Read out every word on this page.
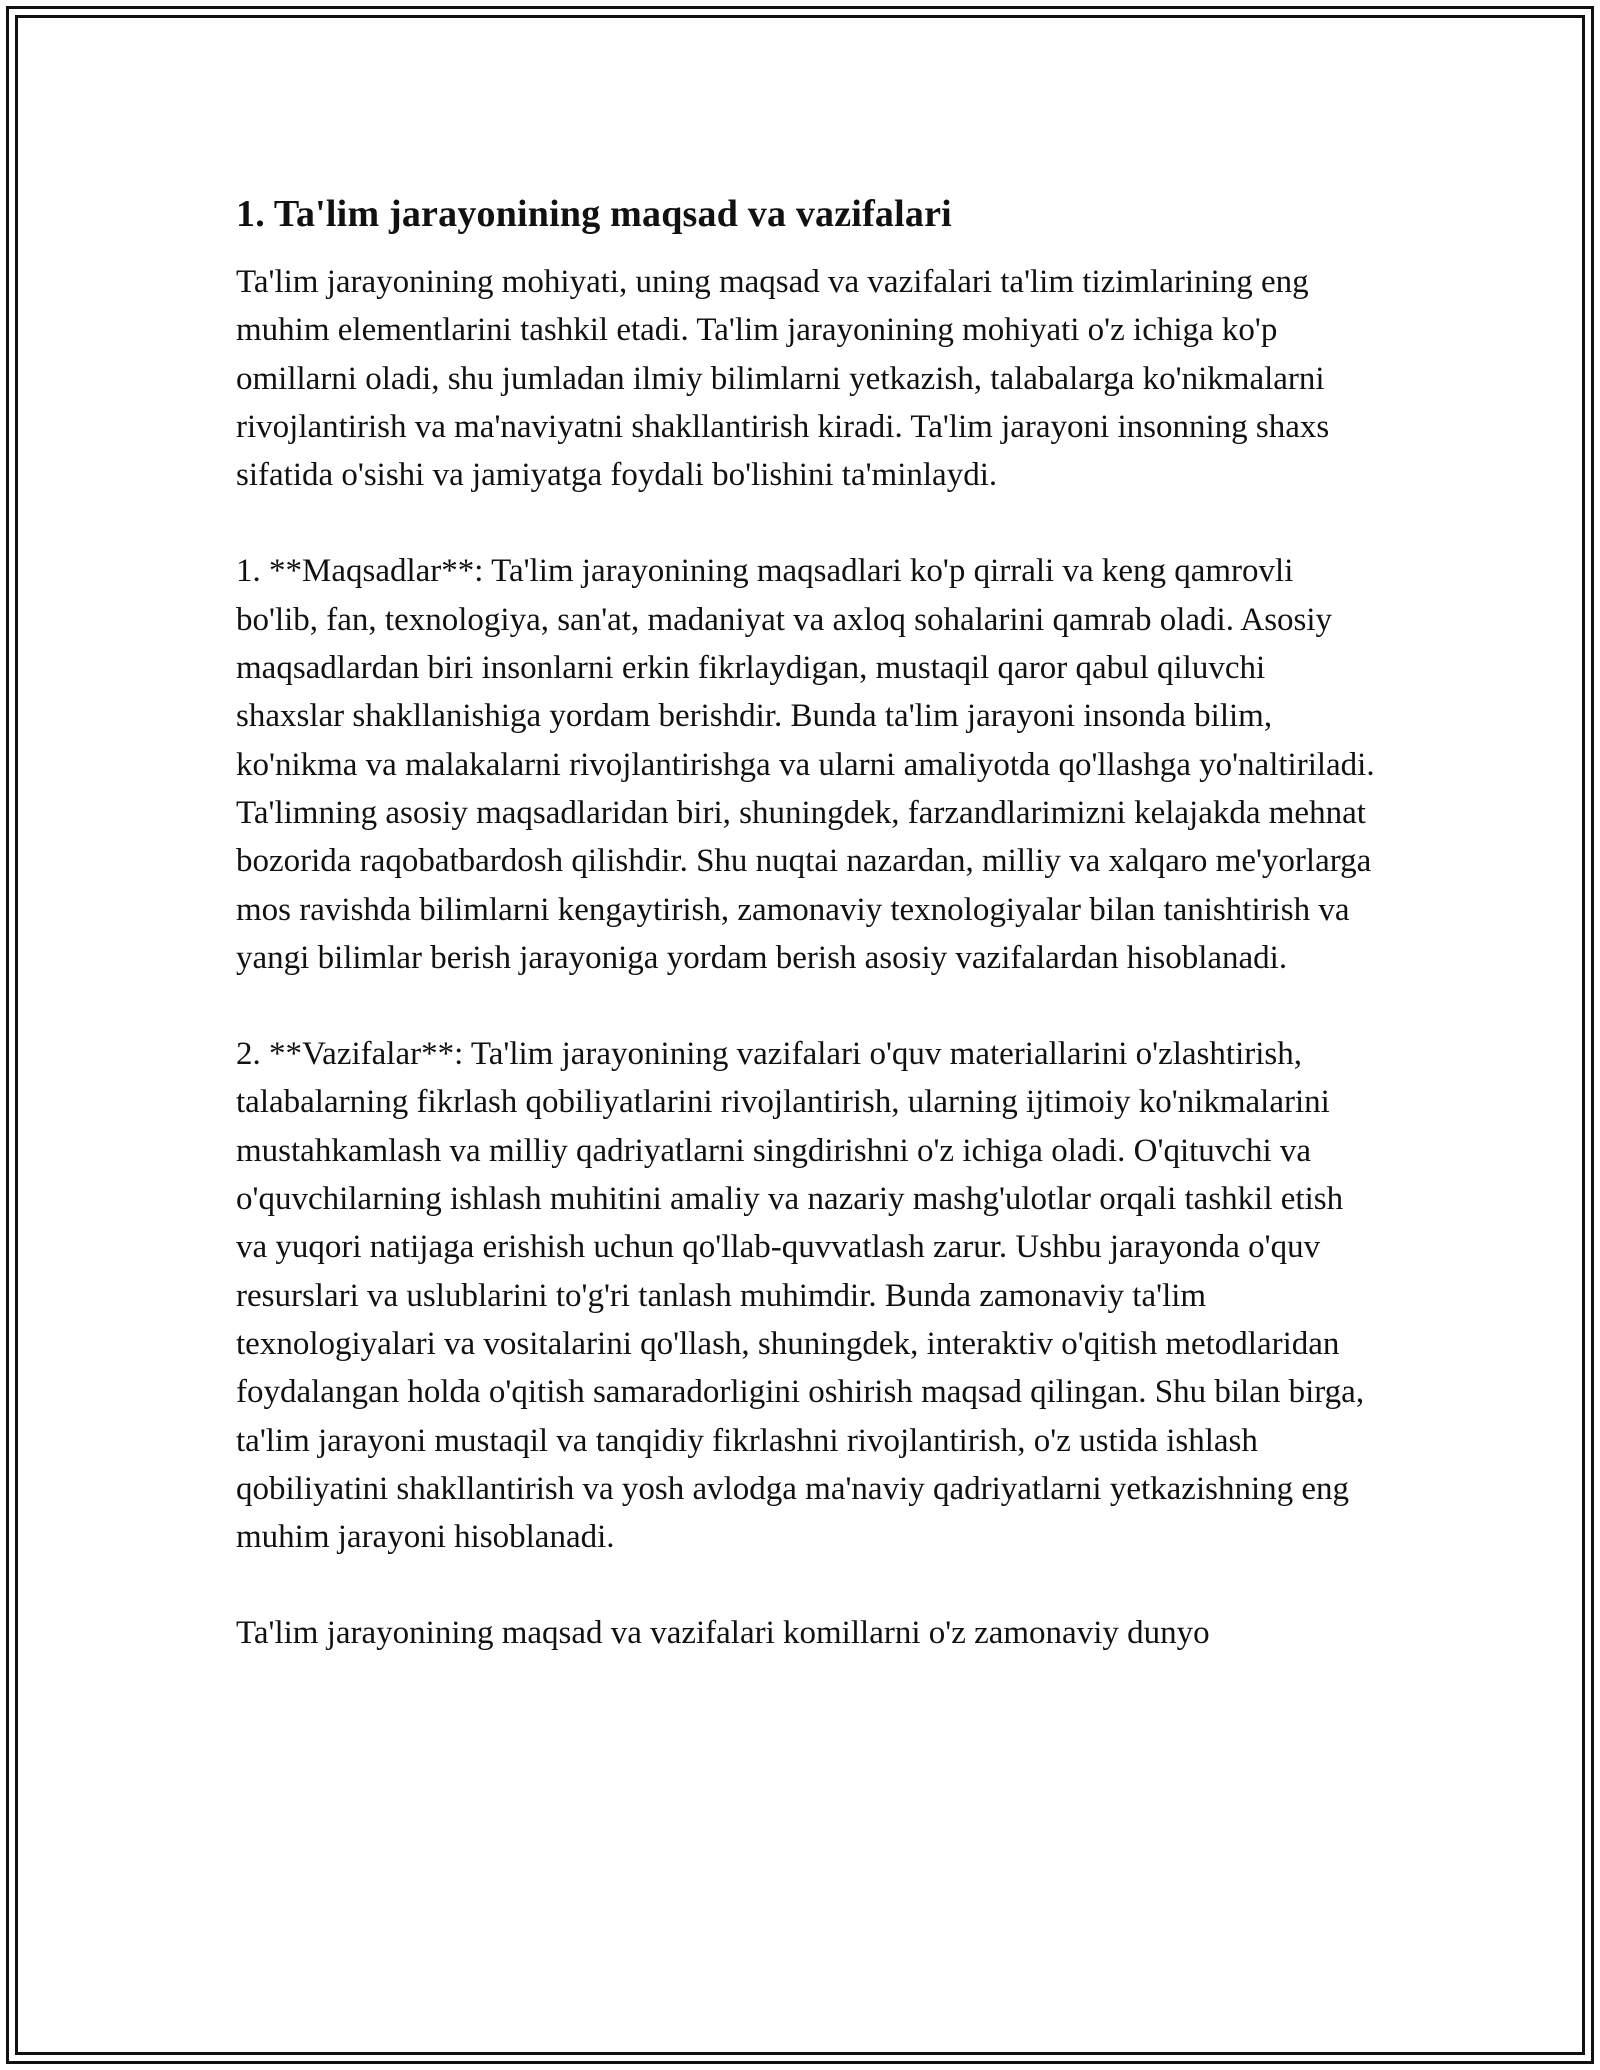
1. Ta'lim jarayonining maqsad va vazifalari

Ta'lim jarayonining mohiyati, uning maqsad va vazifalari ta'lim tizimlarining eng muhim elementlarini tashkil etadi. Ta'lim jarayonining mohiyati o'z ichiga ko'p omillarni oladi, shu jumladan ilmiy bilimlarni yetkazish, talabalarga ko'nikmalarni rivojlantirish va ma'naviyatni shakllantirish kiradi. Ta'lim jarayoni insonning shaxs sifatida o'sishi va jamiyatga foydali bo'lishini ta'minlaydi.

1. **Maqsadlar**: Ta'lim jarayonining maqsadlari ko'p qirrali va keng qamrovli bo'lib, fan, texnologiya, san'at, madaniyat va axloq sohalarini qamrab oladi. Asosiy maqsadlardan biri insonlarni erkin fikrlaydigan, mustaqil qaror qabul qiluvchi shaxslar shakllanishiga yordam berishdir. Bunda ta'lim jarayoni insonda bilim, ko'nikma va malakalarni rivojlantirishga va ularni amaliyotda qo'llashga yo'naltiriladi. Ta'limning asosiy maqsadlaridan biri, shuningdek, farzandlarimizni kelajakda mehnat bozorida raqobatbardosh qilishdir. Shu nuqtai nazardan, milliy va xalqaro me'yorlarga mos ravishda bilimlarni kengaytirish, zamonaviy texnologiyalar bilan tanishtirish va yangi bilimlar berish jarayoniga yordam berish asosiy vazifalardan hisoblanadi.

2. **Vazifalar**: Ta'lim jarayonining vazifalari o'quv materiallarini o'zlashtirish, talabalarning fikrlash qobiliyatlarini rivojlantirish, ularning ijtimoiy ko'nikmalarini mustahkamlash va milliy qadriyatlarni singdirishni o'z ichiga oladi. O'qituvchi va o'quvchilarning ishlash muhitini amaliy va nazariy mashg'ulotlar orqali tashkil etish va yuqori natijaga erishish uchun qo'llab-quvvatlash zarur. Ushbu jarayonda o'quv resurslari va uslublarini to'g'ri tanlash muhimdir. Bunda zamonaviy ta'lim texnologiyalari va vositalarini qo'llash, shuningdek, interaktiv o'qitish metodlaridan foydalangan holda o'qitish samaradorligini oshirish maqsad qilingan. Shu bilan birga, ta'lim jarayoni mustaqil va tanqidiy fikrlashni rivojlantirish, o'z ustida ishlash qobiliyatini shakllantirish va yosh avlodga ma'naviy qadriyatlarni yetkazishning eng muhim jarayoni hisoblanadi.

Ta'lim jarayonining maqsad va vazifalari komillarni o'z zamonaviy dunyo
